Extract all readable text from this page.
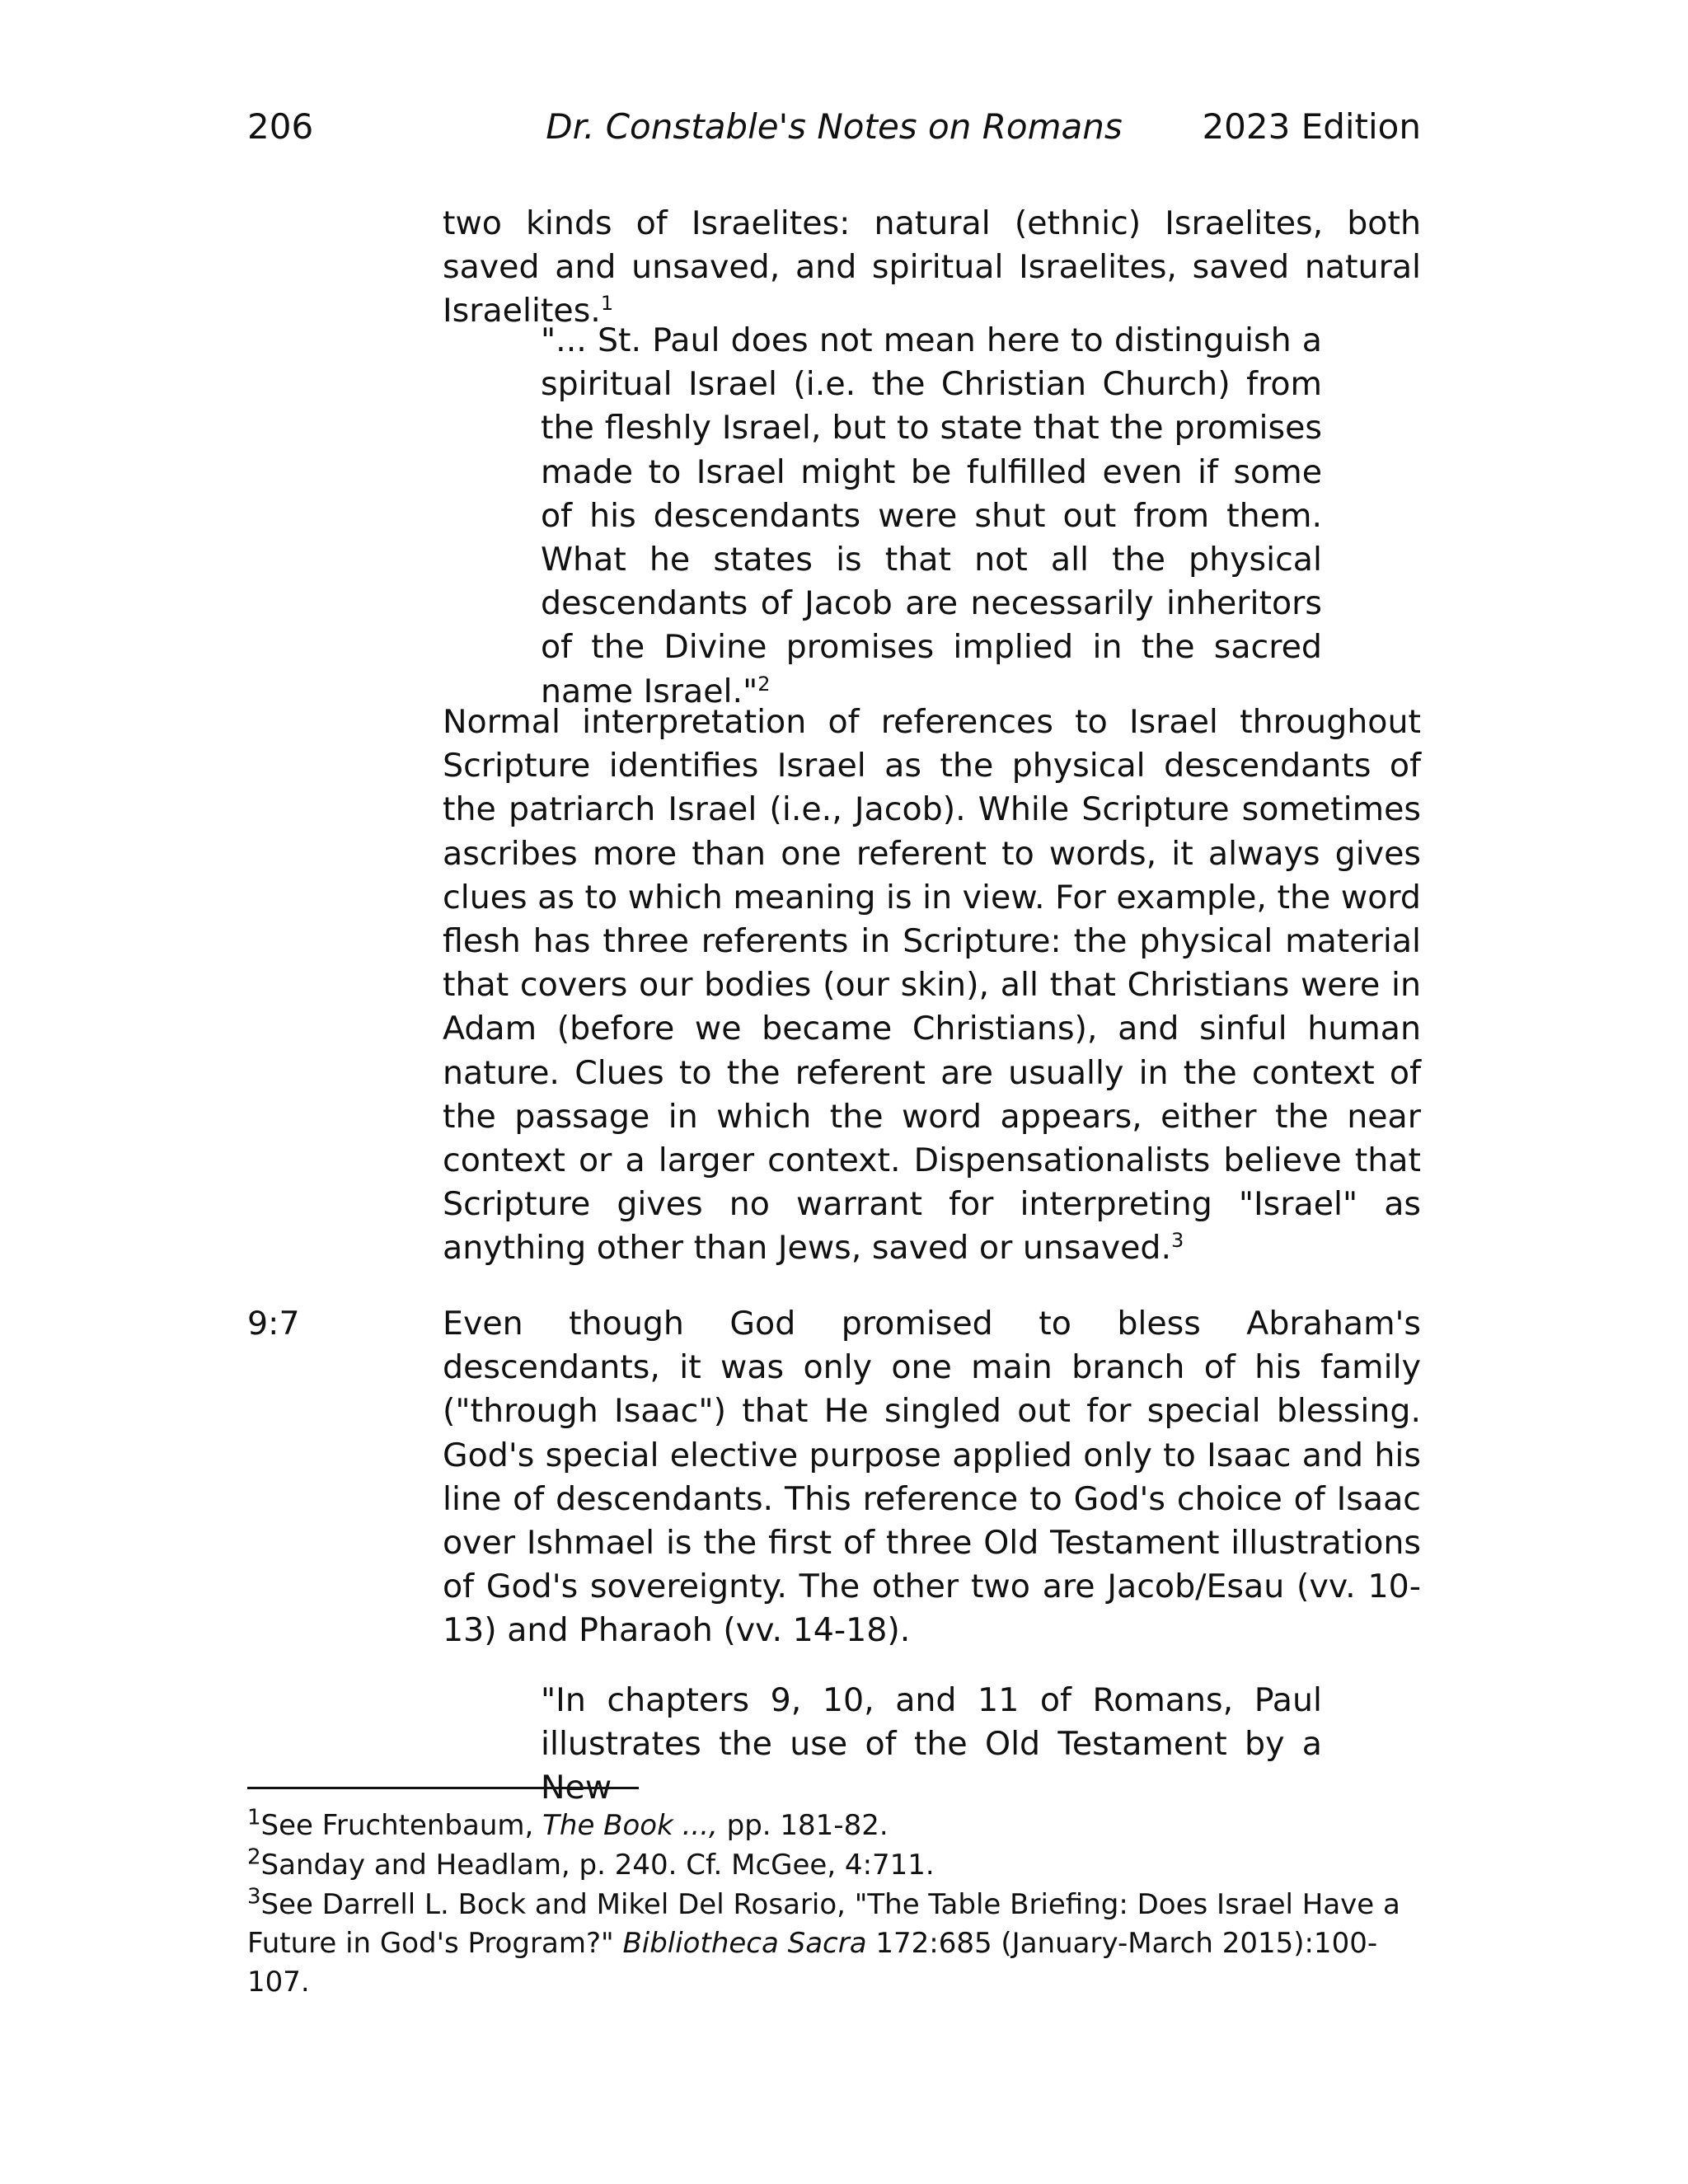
206	Dr. Constable's Notes on Romans	2023 Edition

two kinds of Israelites: natural (ethnic) Israelites, both saved and unsaved, and spiritual Israelites, saved natural Israelites.$^1$

"... St. Paul does not mean here to distinguish a spiritual Israel (i.e. the Christian Church) from the fleshly Israel, but to state that the promises made to Israel might be fulfilled even if some of his descendants were shut out from them. What he states is that not all the physical descendants of Jacob are necessarily inheritors of the Divine promises implied in the sacred name Israel."$^2$

Normal interpretation of references to Israel throughout Scripture identifies Israel as the physical descendants of the patriarch Israel (i.e., Jacob). While Scripture sometimes ascribes more than one referent to words, it always gives clues as to which meaning is in view. For example, the word flesh has three referents in Scripture: the physical material that covers our bodies (our skin), all that Christians were in Adam (before we became Christians), and sinful human nature. Clues to the referent are usually in the context of the passage in which the word appears, either the near context or a larger context. Dispensationalists believe that Scripture gives no warrant for interpreting "Israel" as anything other than Jews, saved or unsaved.$^3$

9:7	Even though God promised to bless Abraham's descendants, it was only one main branch of his family ("through Isaac") that He singled out for special blessing. God's special elective purpose applied only to Isaac and his line of descendants. This reference to God's choice of Isaac over Ishmael is the first of three Old Testament illustrations of God's sovereignty. The other two are Jacob/Esau (vv. 10-13) and Pharaoh (vv. 14-18).

"In chapters 9, 10, and 11 of Romans, Paul illustrates the use of the Old Testament by a New

$^1$See Fruchtenbaum, The Book ..., pp. 181-82.

$^2$Sanday and Headlam, p. 240. Cf. McGee, 4:711.

$^3$See Darrell L. Bock and Mikel Del Rosario, "The Table Briefing: Does Israel Have a Future in God's Program?" Bibliotheca Sacra 172:685 (January-March 2015):100-107.
